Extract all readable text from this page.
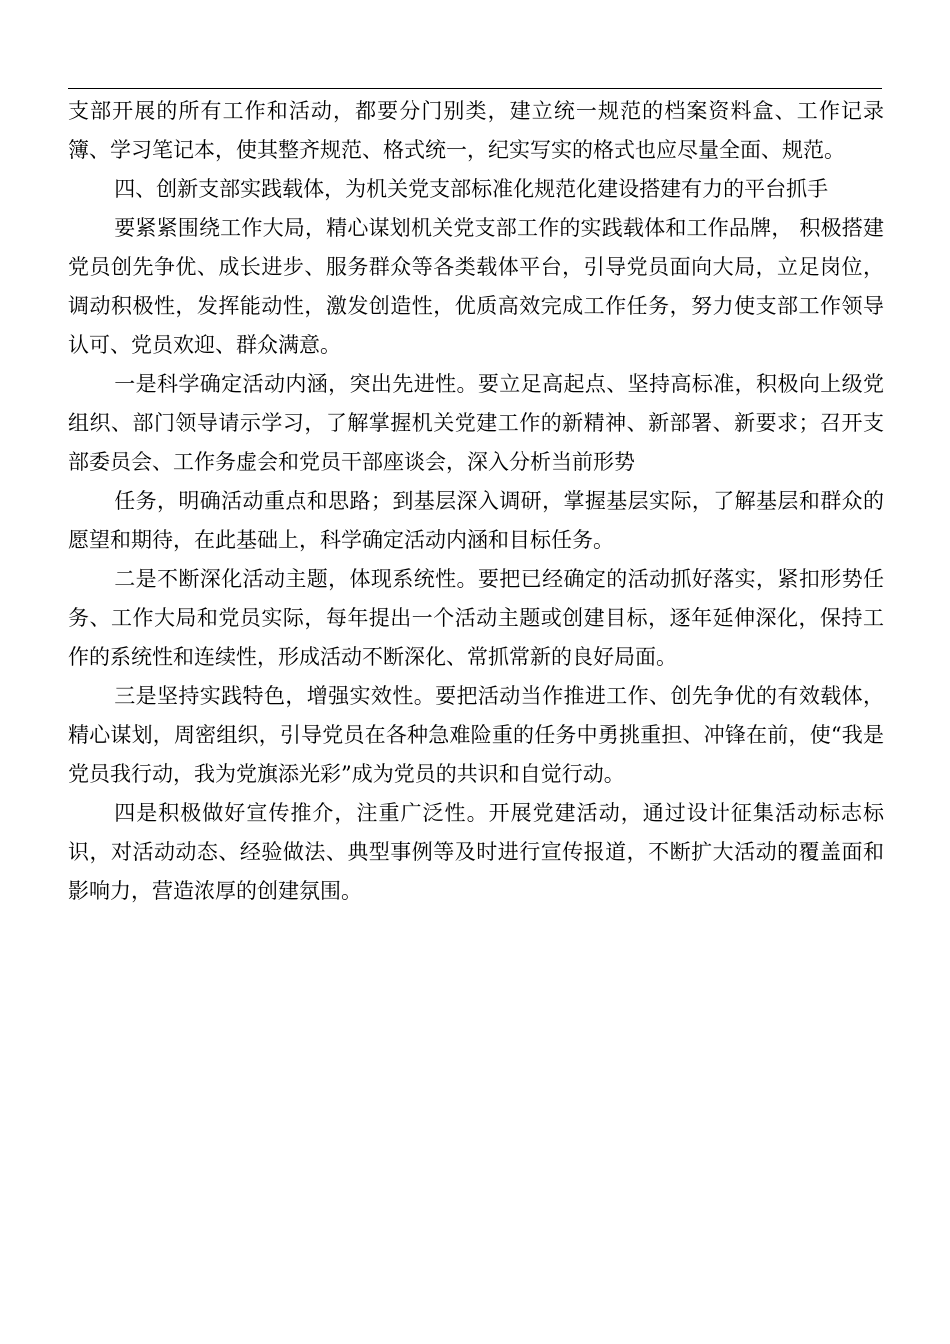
支部开展的所有工作和活动，都要分门别类，建立统一规范的档案资料盒、工作记录簿、学习笔记本，使其整齐规范、格式统一，纪实写实的格式也应尽量全面、规范。

四、创新支部实践载体，为机关党支部标准化规范化建设搭建有力的平台抓手

要紧紧围绕工作大局，精心谋划机关党支部工作的实践载体和工作品牌， 积极搭建党员创先争优、成长进步、服务群众等各类载体平台，引导党员面向大局，立足岗位，调动积极性，发挥能动性，激发创造性，优质高效完成工作任务，努力使支部工作领导认可、党员欢迎、群众满意。

一是科学确定活动内涵，突出先进性。要立足高起点、坚持高标准，积极向上级党组织、部门领导请示学习，了解掌握机关党建工作的新精神、新部署、新要求；召开支部委员会、工作务虚会和党员干部座谈会，深入分析当前形势

任务，明确活动重点和思路；到基层深入调研，掌握基层实际，了解基层和群众的愿望和期待，在此基础上，科学确定活动内涵和目标任务。

二是不断深化活动主题，体现系统性。要把已经确定的活动抓好落实，紧扣形势任务、工作大局和党员实际，每年提出一个活动主题或创建目标，逐年延伸深化，保持工作的系统性和连续性，形成活动不断深化、常抓常新的良好局面。

三是坚持实践特色，增强实效性。要把活动当作推进工作、创先争优的有效载体，精心谋划，周密组织，引导党员在各种急难险重的任务中勇挑重担、冲锋在前，使“我是党员我行动，我为党旗添光彩”成为党员的共识和自觉行动。

四是积极做好宣传推介，注重广泛性。开展党建活动，通过设计征集活动标志标识，对活动动态、经验做法、典型事例等及时进行宣传报道，不断扩大活动的覆盖面和影响力，营造浓厚的创建氛围。
